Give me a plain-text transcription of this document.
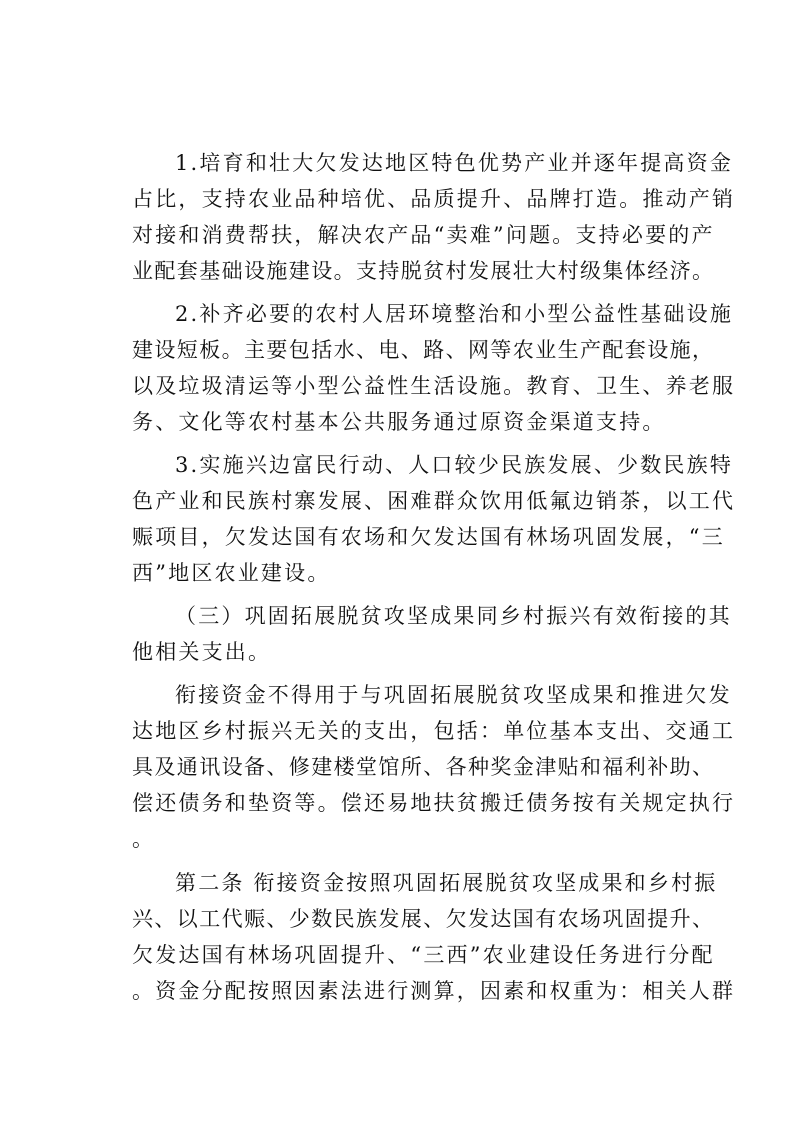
1.培育和壮大欠发达地区特色优势产业并逐年提高资金
占比，支持农业品种培优、品质提升、品牌打造。推动产销
对接和消费帮扶，解决农产品“卖难”问题。支持必要的产
业配套基础设施建设。支持脱贫村发展壮大村级集体经济。
2.补齐必要的农村人居环境整治和小型公益性基础设施
建设短板。主要包括水、电、路、网等农业生产配套设施，
以及垃圾清运等小型公益性生活设施。教育、卫生、养老服
务、文化等农村基本公共服务通过原资金渠道支持。
3.实施兴边富民行动、人口较少民族发展、少数民族特
色产业和民族村寨发展、困难群众饮用低氟边销茶，以工代
赈项目，欠发达国有农场和欠发达国有林场巩固发展，“三
西”地区农业建设。
（三）巩固拓展脱贫攻坚成果同乡村振兴有效衔接的其
他相关支出。
衔接资金不得用于与巩固拓展脱贫攻坚成果和推进欠发
达地区乡村振兴无关的支出，包括：单位基本支出、交通工
具及通讯设备、修建楼堂馆所、各种奖金津贴和福利补助、
偿还债务和垫资等。偿还易地扶贫搬迁债务按有关规定执行
。
第二条 衔接资金按照巩固拓展脱贫攻坚成果和乡村振
兴、以工代赈、少数民族发展、欠发达国有农场巩固提升、
欠发达国有林场巩固提升、“三西”农业建设任务进行分配
。资金分配按照因素法进行测算，因素和权重为：相关人群
